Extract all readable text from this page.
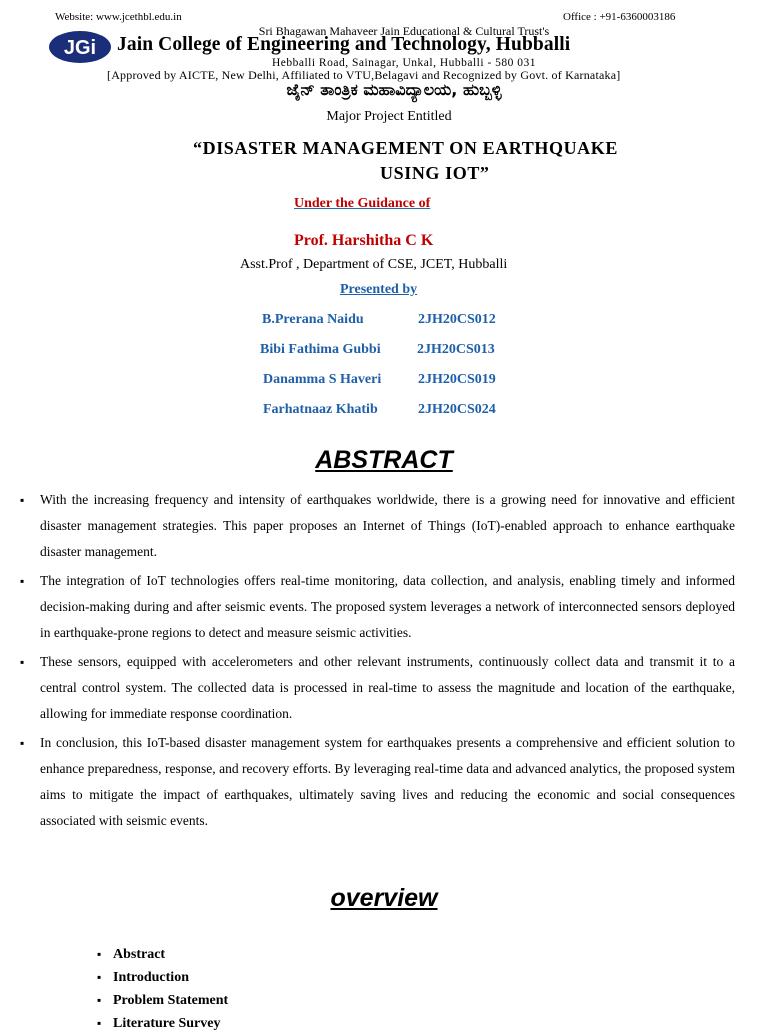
Website: www.jcethbl.edu.in	Office : +91-6360003186
Sri Bhagawan Mahaveer Jain Educational & Cultural Trust's
JGi Jain College of Engineering and Technology, Hubballi
Hebballi Road, Sainagar, Unkal, Hubballi - 580 031
[Approved by AICTE, New Delhi, Affiliated to VTU,Belagavi and Recognized by Govt. of Karnataka]
ಜೈನ್ ತಾಂತ್ರಿಕ ಮಹಾವಿದ್ಯಾಲಯ, ಹುಬ್ಬಳ್ಳಿ
Major Project Entitled
“DISASTER MANAGEMENT ON EARTHQUAKE
USING IOT”
Under the Guidance of
Prof. Harshitha C K
Asst.Prof , Department of CSE, JCET, Hubballi
Presented by
B.Prerana Naidu	2JH20CS012
Bibi Fathima Gubbi	2JH20CS013
Danamma S Haveri	2JH20CS019
Farhatnaaz Khatib	2JH20CS024
ABSTRACT
▪ With the increasing frequency and intensity of earthquakes worldwide, there is a growing need for innovative and efficient disaster management strategies. This paper proposes an Internet of Things (IoT)-enabled approach to enhance earthquake disaster management.
▪ The integration of IoT technologies offers real-time monitoring, data collection, and analysis, enabling timely and informed decision-making during and after seismic events. The proposed system leverages a network of interconnected sensors deployed in earthquake-prone regions to detect and measure seismic activities.
▪ These sensors, equipped with accelerometers and other relevant instruments, continuously collect data and transmit it to a central control system. The collected data is processed in real-time to assess the magnitude and location of the earthquake, allowing for immediate response coordination.
▪ In conclusion, this IoT-based disaster management system for earthquakes presents a comprehensive and efficient solution to enhance preparedness, response, and recovery efforts. By leveraging real-time data and advanced analytics, the proposed system aims to mitigate the impact of earthquakes, ultimately saving lives and reducing the economic and social consequences associated with seismic events.
overview
▪ Abstract
▪ Introduction
▪ Problem Statement
▪ Literature Survey
